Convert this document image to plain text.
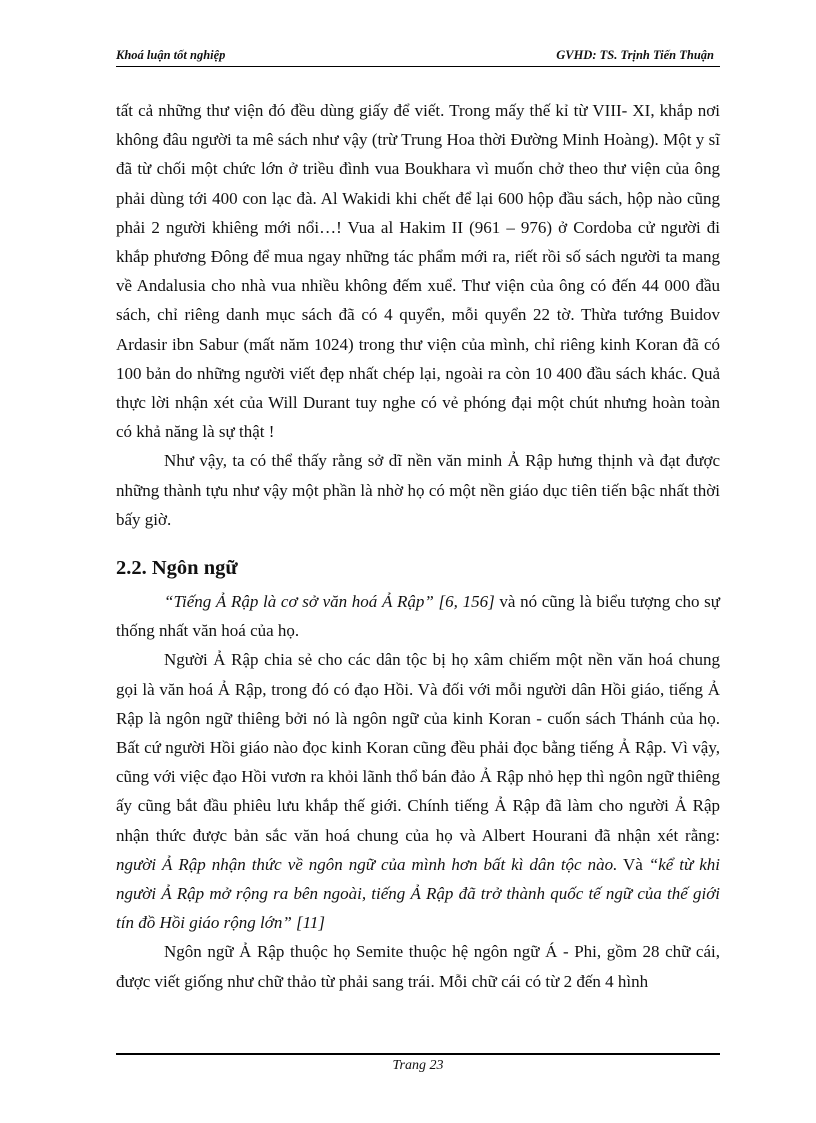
Khoá luận tốt nghiệp	GVHD: TS. Trịnh Tiến Thuận

tất cả những thư viện đó đều dùng giấy để viết. Trong mấy thế kỉ từ VIII- XI, khắp nơi không đâu người ta mê sách như vậy (trừ Trung Hoa thời Đường Minh Hoàng). Một y sĩ đã từ chối một chức lớn ở triều đình vua Boukhara vì muốn chở theo thư viện của ông phải dùng tới 400 con lạc đà. Al Wakidi khi chết để lại 600 hộp đầu sách, hộp nào cũng phải 2 người khiêng mới nổi…! Vua al Hakim II (961 – 976) ở Cordoba cử người đi khắp phương Đông để mua ngay những tác phẩm mới ra, riết rồi số sách người ta mang về Andalusia cho nhà vua nhiều không đếm xuể. Thư viện của ông có đến 44 000 đầu sách, chỉ riêng danh mục sách đã có 4 quyển, mỗi quyển 22 tờ. Thừa tướng Buidov Ardasir ibn Sabur (mất năm 1024) trong thư viện của mình, chỉ riêng kinh Koran đã có 100 bản do những người viết đẹp nhất chép lại, ngoài ra còn 10 400 đầu sách khác. Quả thực lời nhận xét của Will Durant tuy nghe có vẻ phóng đại một chút nhưng hoàn toàn có khả năng là sự thật !

Như vậy, ta có thể thấy rằng sở dĩ nền văn minh Ả Rập hưng thịnh và đạt được những thành tựu như vậy một phần là nhờ họ có một nền giáo dục tiên tiến bậc nhất thời bấy giờ.

2.2. Ngôn ngữ

“Tiếng Ả Rập là cơ sở văn hoá Ả Rập” [6, 156] và nó cũng là biểu tượng cho sự thống nhất văn hoá của họ.

Người Ả Rập chia sẻ cho các dân tộc bị họ xâm chiếm một nền văn hoá chung gọi là văn hoá Ả Rập, trong đó có đạo Hồi. Và đối với mỗi người dân Hồi giáo, tiếng Ả Rập là ngôn ngữ thiêng bởi nó là ngôn ngữ của kinh Koran - cuốn sách Thánh của họ. Bất cứ người Hồi giáo nào đọc kinh Koran cũng đều phải đọc bằng tiếng Ả Rập. Vì vậy, cũng với việc đạo Hồi vươn ra khỏi lãnh thổ bán đảo Ả Rập nhỏ hẹp thì ngôn ngữ thiêng ấy cũng bắt đầu phiêu lưu khắp thế giới. Chính tiếng Ả Rập đã làm cho người Ả Rập nhận thức được bản sắc văn hoá chung của họ và Albert Hourani đã nhận xét rằng: người Ả Rập nhận thức về ngôn ngữ của mình hơn bất kì dân tộc nào. Và “kể từ khi người Ả Rập mở rộng ra bên ngoài, tiếng Ả Rập đã trở thành quốc tế ngữ của thế giới tín đồ Hồi giáo rộng lớn” [11]

Ngôn ngữ Ả Rập thuộc họ Semite thuộc hệ ngôn ngữ Á - Phi, gồm 28 chữ cái, được viết giống như chữ thảo từ phải sang trái. Mỗi chữ cái có từ 2 đến 4 hình

Trang 23
